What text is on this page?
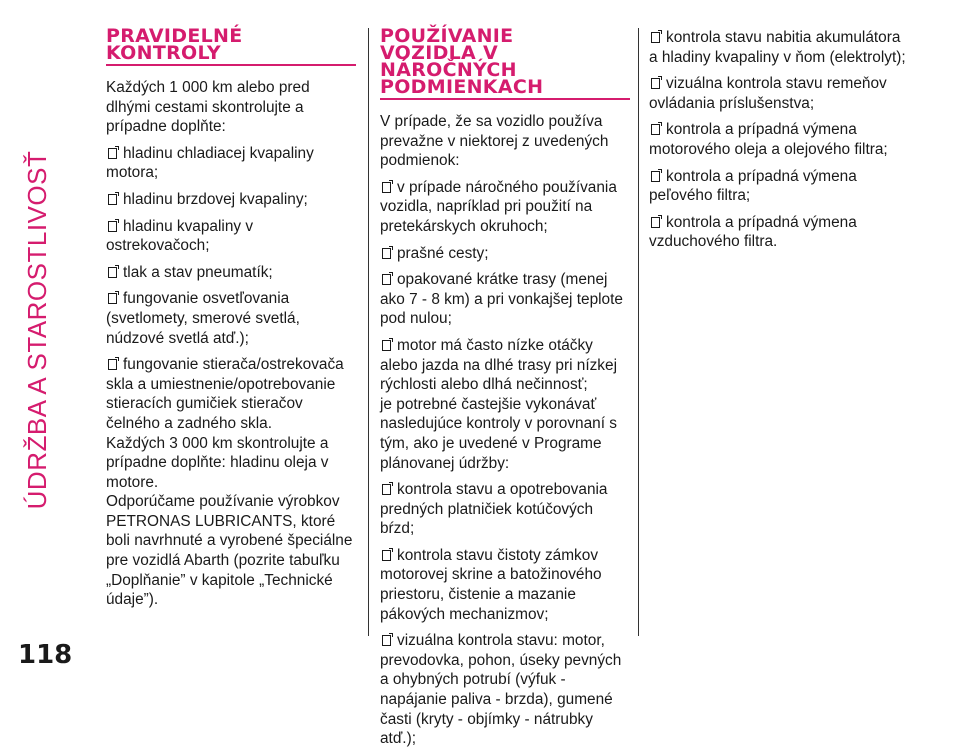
ÚDRŽBA A STAROSTLIVOSŤ
118
PRAVIDELNÉ
KONTROLY
Každých 1 000 km alebo pred dlhými cestami skontrolujte a prípadne doplňte:
hladinu chladiacej kvapaliny motora;
hladinu brzdovej kvapaliny;
hladinu kvapaliny v ostrekovačoch;
tlak a stav pneumatík;
fungovanie osvetľovania (svetlomety, smerové svetlá, núdzové svetlá atď.);
fungovanie stierača/ostrekovača skla a umiestnenie/opotrebovanie stieracích gumičiek stieračov čelného a zadného skla.
Každých 3 000 km skontrolujte a prípadne doplňte: hladinu oleja v motore.
Odporúčame používanie výrobkov PETRONAS LUBRICANTS, ktoré boli navrhnuté a vyrobené špeciálne pre vozidlá Abarth (pozrite tabuľku „Doplňanie” v kapitole „Technické údaje”).
POUŽÍVANIE
VOZIDLA V
NÁROČNÝCH
PODMIENKACH
V prípade, že sa vozidlo používa prevažne v niektorej z uvedených podmienok:
v prípade náročného používania vozidla, napríklad pri použití na pretekárskych okruhoch;
prašné cesty;
opakované krátke trasy (menej ako 7 - 8 km) a pri vonkajšej teplote pod nulou;
motor má často nízke otáčky alebo jazda na dlhé trasy pri nízkej rýchlosti alebo dlhá nečinnosť;
je potrebné častejšie vykonávať nasledujúce kontroly v porovnaní s tým, ako je uvedené v Programe plánovanej údržby:
kontrola stavu a opotrebovania predných platničiek kotúčových bŕzd;
kontrola stavu čistoty zámkov motorovej skrine a batožinového priestoru, čistenie a mazanie pákových mechanizmov;
vizuálna kontrola stavu: motor, prevodovka, pohon, úseky pevných a ohybných potrubí (výfuk - napájanie paliva - brzda), gumené časti (kryty - objímky - nátrubky atď.);
kontrola stavu nabitia akumulátora a hladiny kvapaliny v ňom (elektrolyt);
vizuálna kontrola stavu remeňov ovládania príslušenstva;
kontrola a prípadná výmena motorového oleja a olejového filtra;
kontrola a prípadná výmena peľového filtra;
kontrola a prípadná výmena vzduchového filtra.
